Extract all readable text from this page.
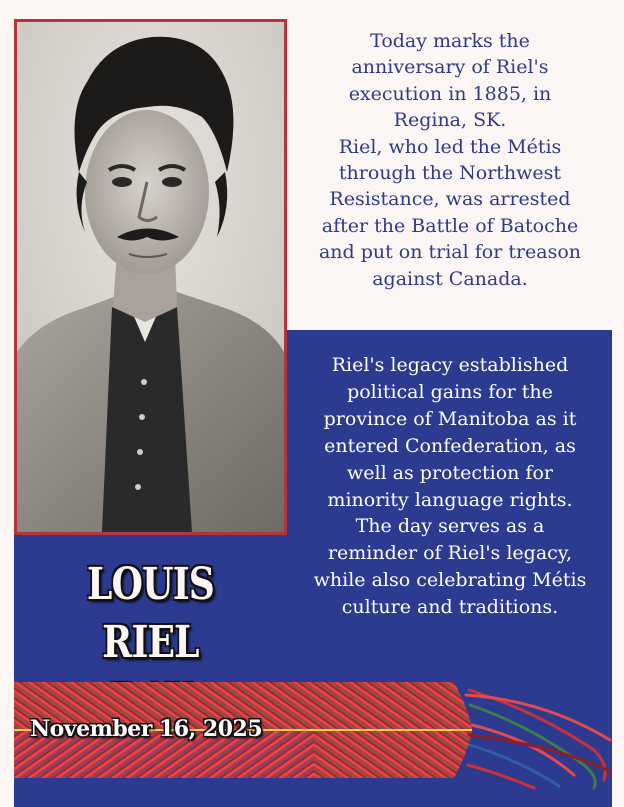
Today marks the

anniversary of Riel's

execution in 1885, in

Regina, SK.

Riel, who led the Métis

through the Northwest

Resistance, was arrested

after the Battle of Batoche

and put on trial for treason

against Canada.

Riel's legacy established
political gains for the
province of Manitoba as it
entered Confederation, as
well as protection for
minority language rights.
The day serves as a
reminder of Riel's legacy,
while also celebrating Métis
culture and traditions.
LOUIS RIEL
November 16, 2025
